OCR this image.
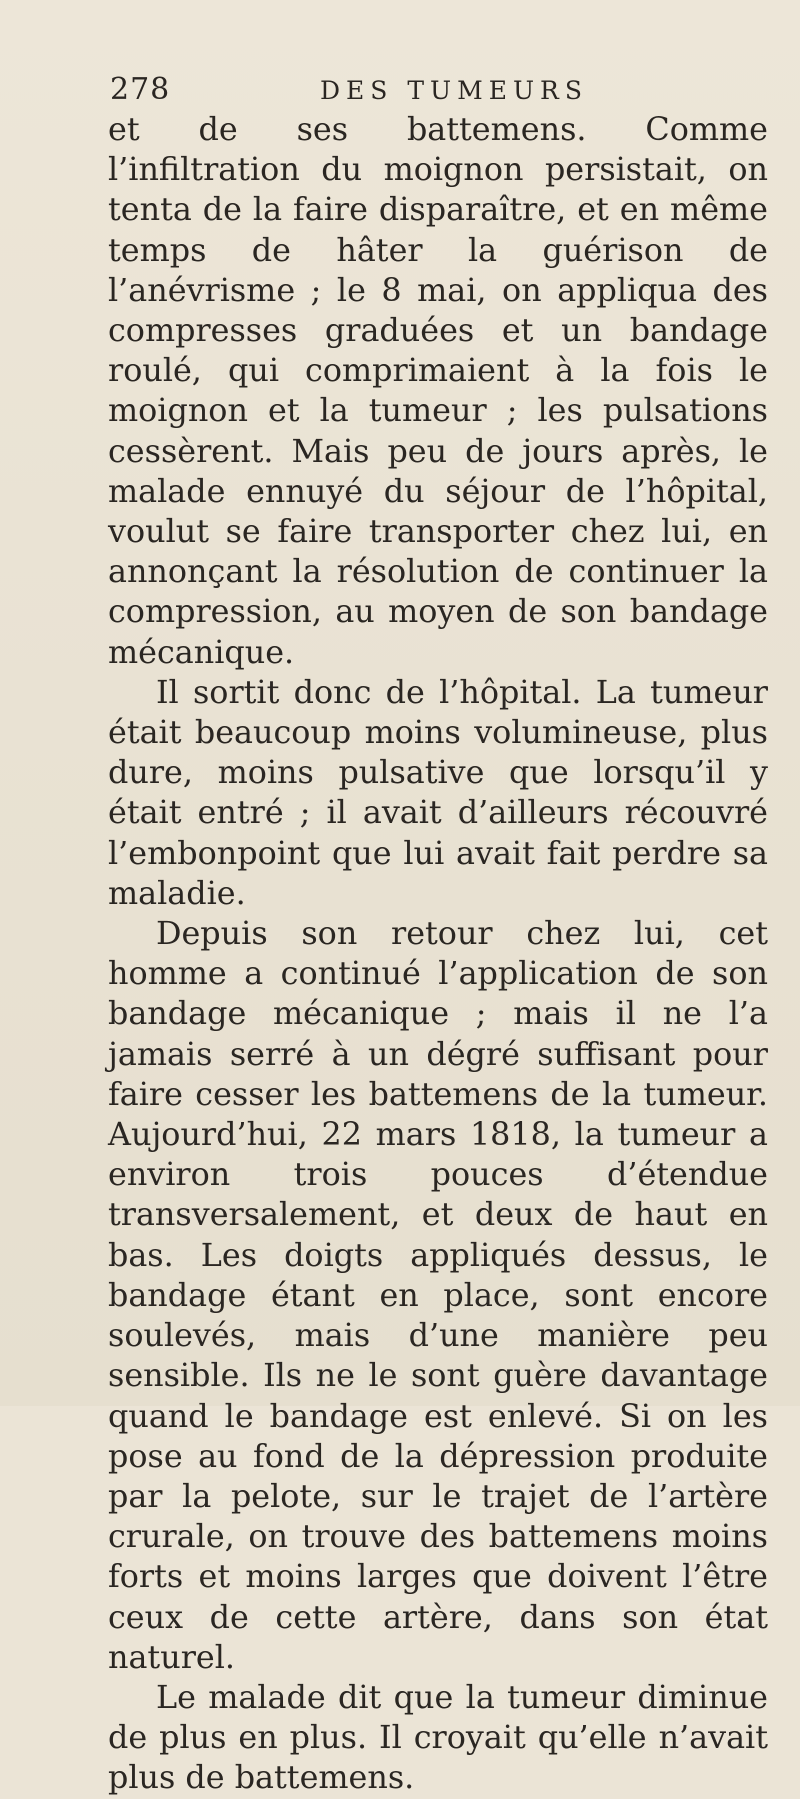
278	DES TUMEURS

et de ses battemens. Comme l’infiltration du moignon persistait, on tenta de la faire disparaître, et en même temps de hâter la guérison de l’anévrisme ; le 8 mai, on appliqua des compresses graduées et un bandage roulé, qui comprimaient à la fois le moignon et la tumeur ; les pulsations cessèrent. Mais peu de jours après, le malade ennuyé du séjour de l’hôpital, voulut se faire transporter chez lui, en annonçant la résolution de continuer la compression, au moyen de son bandage mécanique.

Il sortit donc de l’hôpital. La tumeur était beaucoup moins volumineuse, plus dure, moins pulsative que lorsqu’il y était entré ; il avait d’ailleurs récouvré l’embonpoint que lui avait fait perdre sa maladie.

Depuis son retour chez lui, cet homme a continué l’application de son bandage mécanique ; mais il ne l’a jamais serré à un dégré suffisant pour faire cesser les battemens de la tumeur. Aujourd’hui, 22 mars 1818, la tumeur a environ trois pouces d’étendue transversalement, et deux de haut en bas. Les doigts appliqués dessus, le bandage étant en place, sont encore soulevés, mais d’une manière peu sensible. Ils ne le sont guère davantage quand le bandage est enlevé. Si on les pose au fond de la dépression produite par la pelote, sur le trajet de l’artère crurale, on trouve des battemens moins forts et moins larges que doivent l’être ceux de cette artère, dans son état naturel.

Le malade dit que la tumeur diminue de plus en plus. Il croyait qu’elle n’avait plus de battemens.
